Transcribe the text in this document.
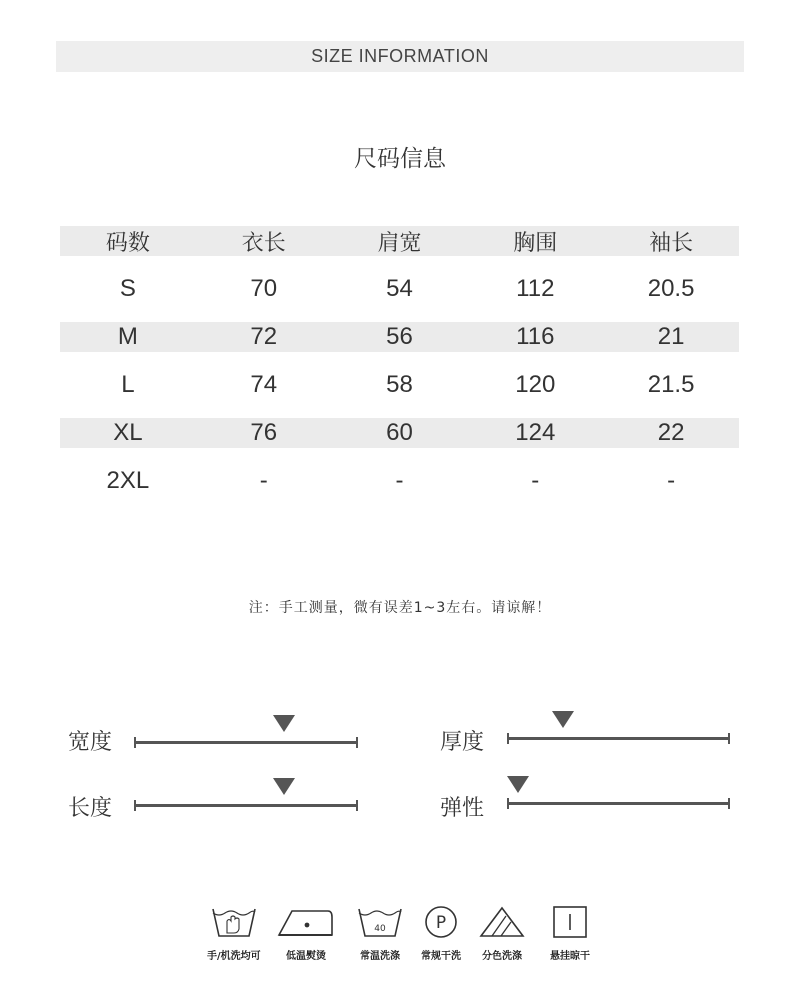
SIZE INFORMATION
尺码信息
码数	衣长	肩宽	胸围	袖长
S	70	54	112	20.5
M	72	56	116	21
L	74	58	120	21.5
XL	76	60	124	22
2XL	-	-	-	-
注：手工测量，微有误差1~3左右。请谅解！
宽度	厚度
长度	弹性
手/机洗均可	低温熨烫
40
常温洗涤
P
常规干洗 分色洗涤	悬挂晾干
